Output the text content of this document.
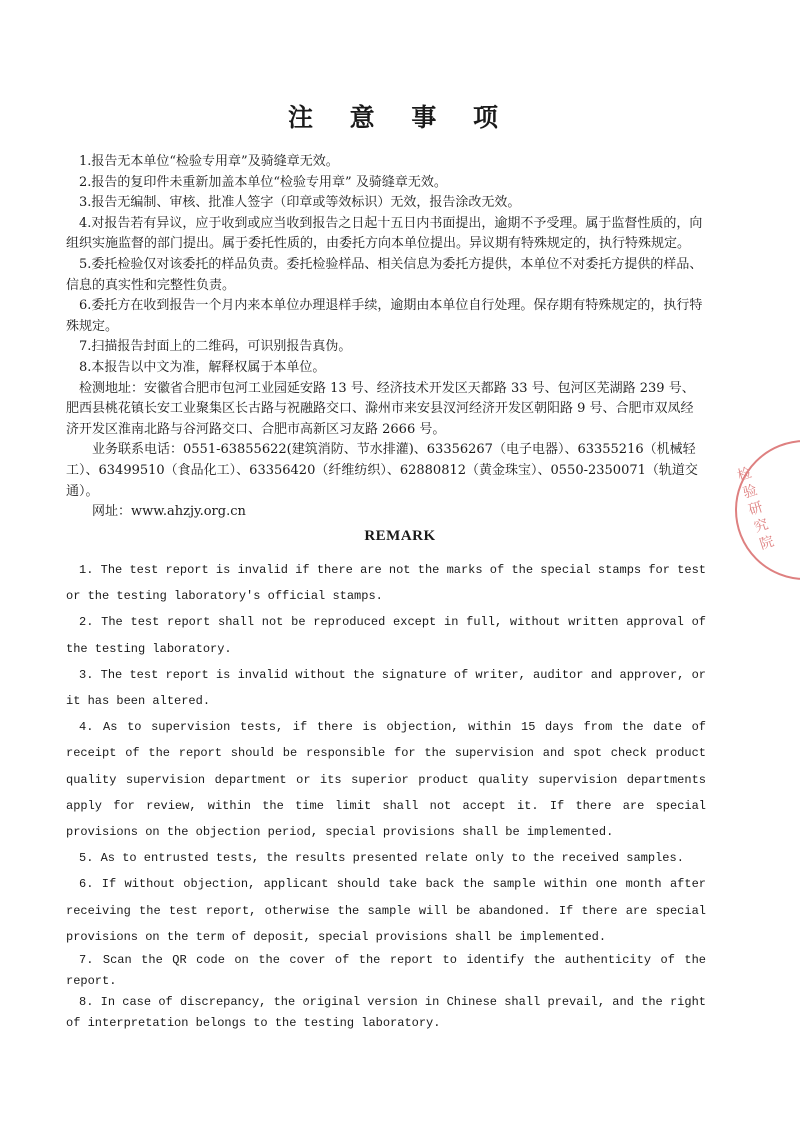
注 意 事 项

1.报告无本单位“检验专用章”及骑缝章无效。

2.报告的复印件未重新加盖本单位“检验专用章” 及骑缝章无效。

3.报告无编制、审核、批准人签字（印章或等效标识）无效，报告涂改无效。

4.对报告若有异议，应于收到或应当收到报告之日起十五日内书面提出，逾期不予受理。属于监督性质的，向组织实施监督的部门提出。属于委托性质的，由委托方向本单位提出。异议期有特殊规定的，执行特殊规定。

5.委托检验仅对该委托的样品负责。委托检验样品、相关信息为委托方提供，本单位不对委托方提供的样品、信息的真实性和完整性负责。

6.委托方在收到报告一个月内来本单位办理退样手续，逾期由本单位自行处理。保存期有特殊规定的，执行特殊规定。

7.扫描报告封面上的二维码，可识别报告真伪。

8.本报告以中文为准，解释权属于本单位。

检测地址：安徽省合肥市包河工业园延安路 13 号、经济技术开发区天都路 33 号、包河区芜湖路 239 号、肥西县桃花镇长安工业聚集区长古路与祝融路交口、滁州市来安县汊河经济开发区朝阳路 9 号、合肥市双凤经济开发区淮南北路与谷河路交口、合肥市高新区习友路 2666 号。

业务联系电话：0551-63855622(建筑消防、节水排灌)、63356267（电子电器）、63355216（机械轻工）、63499510（食品化工）、63356420（纤维纺织）、62880812（黄金珠宝）、0550-2350071（轨道交通）。

网址：www.ahzjy.org.cn

REMARK

1. The test report is invalid if there are not the marks of the special stamps for test or the testing laboratory's official stamps.

2. The test report shall not be reproduced except in full, without written approval of the testing laboratory.

3. The test report is invalid without the signature of writer, auditor and approver, or it has been altered.

4. As to supervision tests, if there is objection, within 15 days from the date of receipt of the report should be responsible for the supervision and spot check product quality supervision department or its superior product quality supervision departments apply for review, within the time limit shall not accept it. If there are special provisions on the objection period, special provisions shall be implemented.

5. As to entrusted tests, the results presented relate only to the received samples.

6. If without objection, applicant should take back the sample within one month after receiving the test report, otherwise the sample will be abandoned. If there are special provisions on the term of deposit, special provisions shall be implemented.

7. Scan the QR code on the cover of the report to identify the authenticity of the report.

8. In case of discrepancy, the original version in Chinese shall prevail, and the right of interpretation belongs to the testing laboratory.

检验研究院
